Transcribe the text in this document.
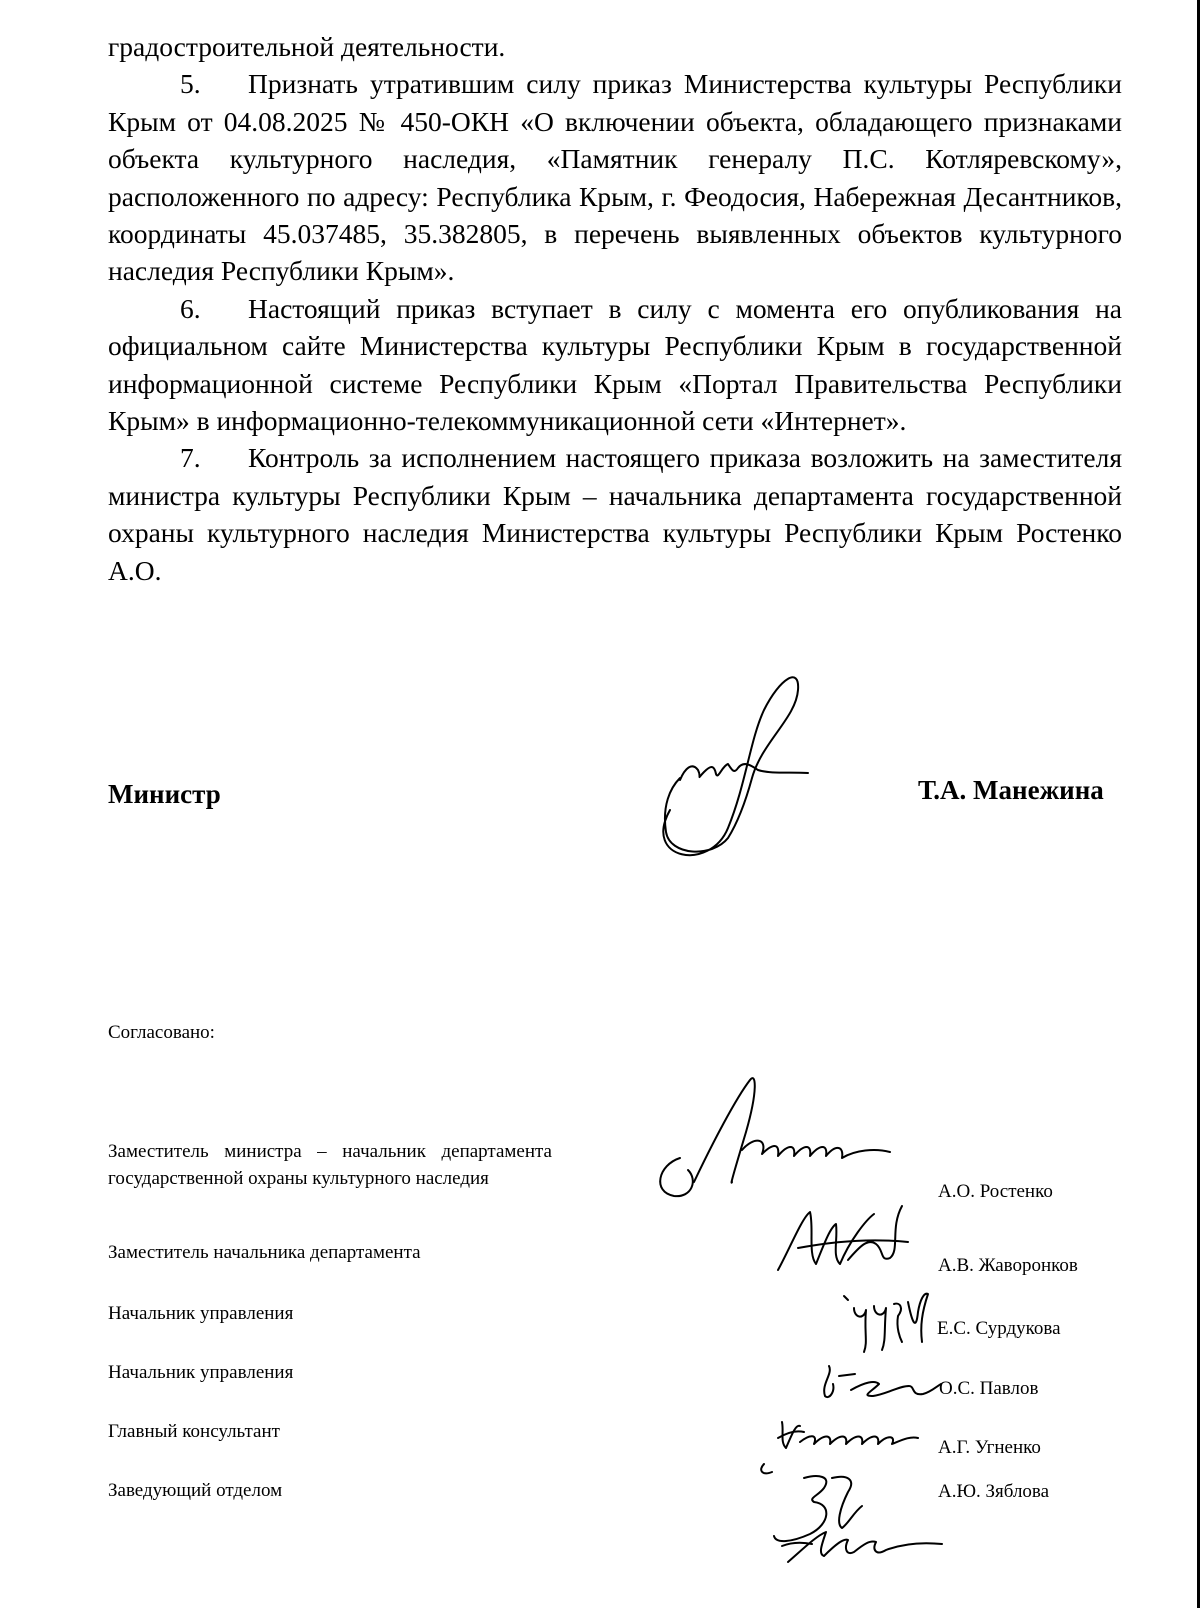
градостроительной деятельности.

5. Признать утратившим силу приказ Министерства культуры Республики Крым от 04.08.2025 № 450-ОКН «О включении объекта, обладающего признаками объекта культурного наследия, «Памятник генералу П.С. Котляревскому», расположенного по адресу: Республика Крым, г. Феодосия, Набережная Десантников, координаты 45.037485, 35.382805, в перечень выявленных объектов культурного наследия Республики Крым».

6. Настоящий приказ вступает в силу с момента его опубликования на официальном сайте Министерства культуры Республики Крым в государственной информационной системе Республики Крым «Портал Правительства Республики Крым» в информационно-телекоммуникационной сети «Интернет».

7. Контроль за исполнением настоящего приказа возложить на заместителя министра культуры Республики Крым – начальника департамента государственной охраны культурного наследия Министерства культуры Республики Крым Ростенко А.О.

Министр	Т.А. Манежина
Согласовано:
Заместитель министра – начальник департамента государственной охраны культурного наследия
Заместитель начальника департамента
Начальник управления
Начальник управления
Главный консультант
Заведующий отделом
А.О. Ростенко
А.В. Жаворонков
Е.С. Сурдукова
О.С. Павлов
А.Г. Угненко
А.Ю. Зяблова
